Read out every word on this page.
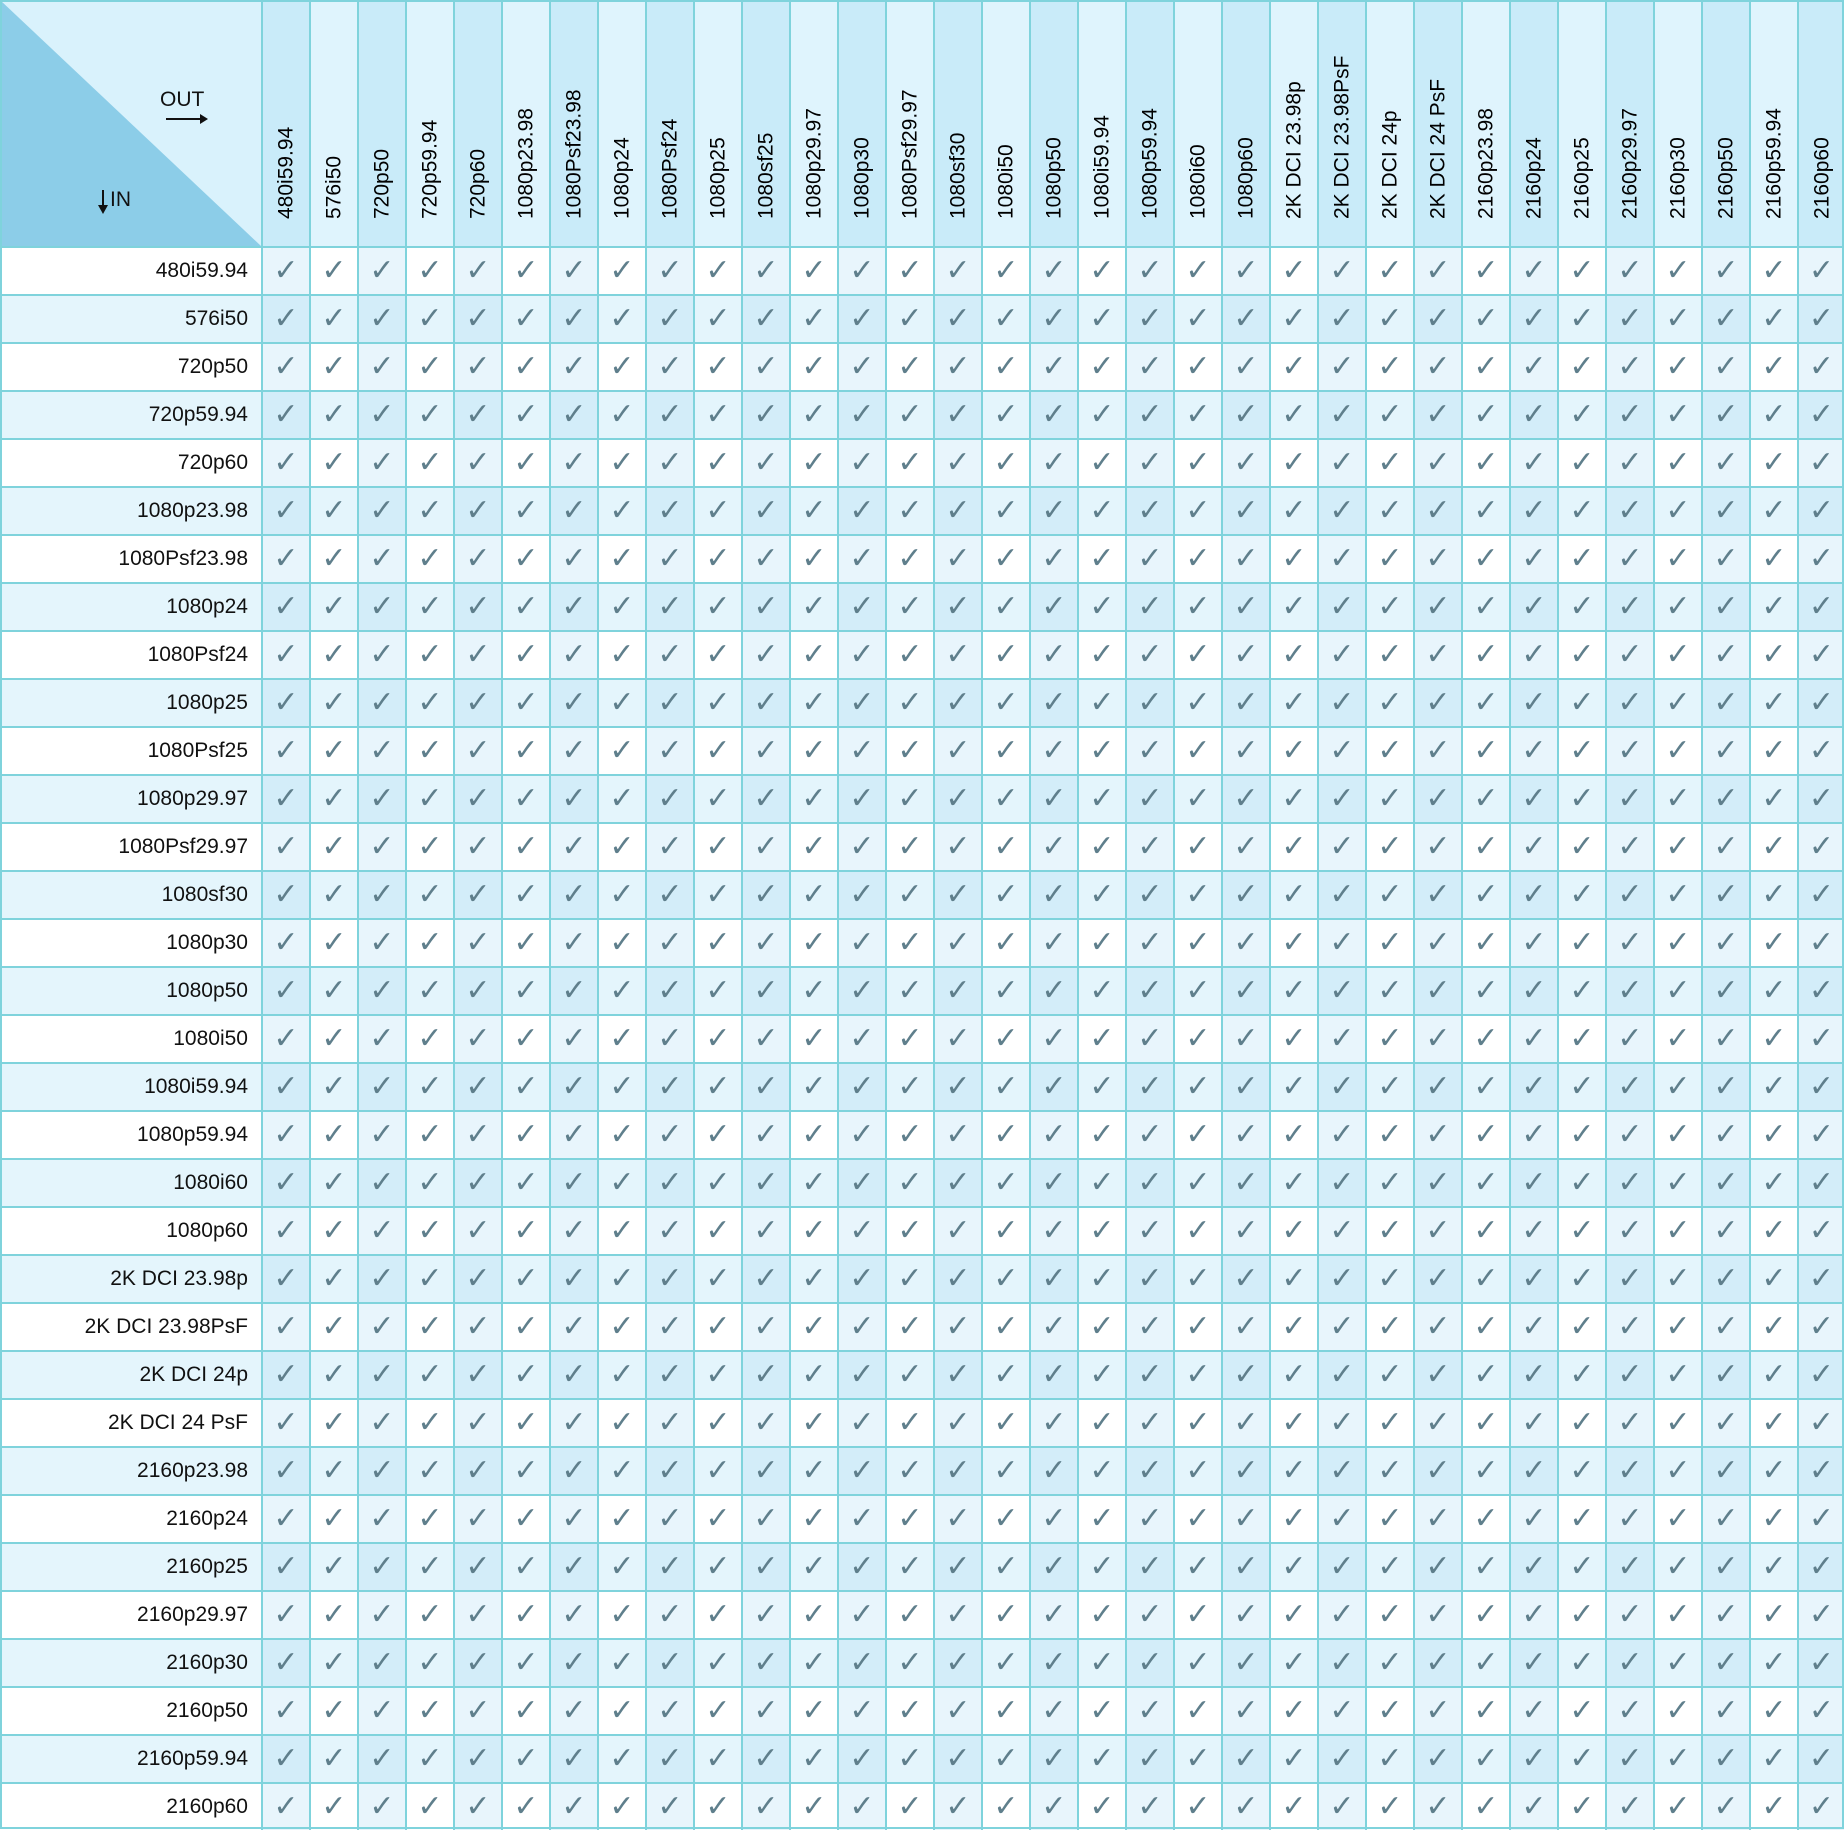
OUT
IN	480i59.94 576i50 720p50 720p59.94 720p60 1080p23.98 1080Psf23.98 1080p24 1080Psf24 1080p25 1080sf25 1080p29.97 1080p30 1080Psf29.97 1080sf30 1080i50 1080p50 1080i59.94 1080p59.94 1080i60 1080p60 2K DCI 23.98p 2K DCI 23.98PsF 2K DCI 24p 2K DCI 24 PsF 2160p23.98 2160p24 2160p25 2160p29.97 2160p30 2160p50 2160p59.94 2160p60
480i59.94 ✓ ✓ ✓ ✓ ✓ ✓ ✓ ✓ ✓ ✓ ✓ ✓ ✓ ✓ ✓ ✓ ✓ ✓ ✓ ✓ ✓ ✓ ✓ ✓ ✓ ✓ ✓ ✓ ✓ ✓ ✓ ✓ ✓
576i50 ✓ ✓ ✓ ✓ ✓ ✓ ✓ ✓ ✓ ✓ ✓ ✓ ✓ ✓ ✓ ✓ ✓ ✓ ✓ ✓ ✓ ✓ ✓ ✓ ✓ ✓ ✓ ✓ ✓ ✓ ✓ ✓ ✓
720p50 ✓ ✓ ✓ ✓ ✓ ✓ ✓ ✓ ✓ ✓ ✓ ✓ ✓ ✓ ✓ ✓ ✓ ✓ ✓ ✓ ✓ ✓ ✓ ✓ ✓ ✓ ✓ ✓ ✓ ✓ ✓ ✓ ✓
720p59.94 ✓ ✓ ✓ ✓ ✓ ✓ ✓ ✓ ✓ ✓ ✓ ✓ ✓ ✓ ✓ ✓ ✓ ✓ ✓ ✓ ✓ ✓ ✓ ✓ ✓ ✓ ✓ ✓ ✓ ✓ ✓ ✓ ✓
720p60 ✓ ✓ ✓ ✓ ✓ ✓ ✓ ✓ ✓ ✓ ✓ ✓ ✓ ✓ ✓ ✓ ✓ ✓ ✓ ✓ ✓ ✓ ✓ ✓ ✓ ✓ ✓ ✓ ✓ ✓ ✓ ✓ ✓
1080p23.98 ✓ ✓ ✓ ✓ ✓ ✓ ✓ ✓ ✓ ✓ ✓ ✓ ✓ ✓ ✓ ✓ ✓ ✓ ✓ ✓ ✓ ✓ ✓ ✓ ✓ ✓ ✓ ✓ ✓ ✓ ✓ ✓ ✓
1080Psf23.98 ✓ ✓ ✓ ✓ ✓ ✓ ✓ ✓ ✓ ✓ ✓ ✓ ✓ ✓ ✓ ✓ ✓ ✓ ✓ ✓ ✓ ✓ ✓ ✓ ✓ ✓ ✓ ✓ ✓ ✓ ✓ ✓ ✓
1080p24 ✓ ✓ ✓ ✓ ✓ ✓ ✓ ✓ ✓ ✓ ✓ ✓ ✓ ✓ ✓ ✓ ✓ ✓ ✓ ✓ ✓ ✓ ✓ ✓ ✓ ✓ ✓ ✓ ✓ ✓ ✓ ✓ ✓
1080Psf24 ✓ ✓ ✓ ✓ ✓ ✓ ✓ ✓ ✓ ✓ ✓ ✓ ✓ ✓ ✓ ✓ ✓ ✓ ✓ ✓ ✓ ✓ ✓ ✓ ✓ ✓ ✓ ✓ ✓ ✓ ✓ ✓ ✓
1080p25 ✓ ✓ ✓ ✓ ✓ ✓ ✓ ✓ ✓ ✓ ✓ ✓ ✓ ✓ ✓ ✓ ✓ ✓ ✓ ✓ ✓ ✓ ✓ ✓ ✓ ✓ ✓ ✓ ✓ ✓ ✓ ✓ ✓
1080Psf25 ✓ ✓ ✓ ✓ ✓ ✓ ✓ ✓ ✓ ✓ ✓ ✓ ✓ ✓ ✓ ✓ ✓ ✓ ✓ ✓ ✓ ✓ ✓ ✓ ✓ ✓ ✓ ✓ ✓ ✓ ✓ ✓ ✓
1080p29.97 ✓ ✓ ✓ ✓ ✓ ✓ ✓ ✓ ✓ ✓ ✓ ✓ ✓ ✓ ✓ ✓ ✓ ✓ ✓ ✓ ✓ ✓ ✓ ✓ ✓ ✓ ✓ ✓ ✓ ✓ ✓ ✓ ✓
1080Psf29.97 ✓ ✓ ✓ ✓ ✓ ✓ ✓ ✓ ✓ ✓ ✓ ✓ ✓ ✓ ✓ ✓ ✓ ✓ ✓ ✓ ✓ ✓ ✓ ✓ ✓ ✓ ✓ ✓ ✓ ✓ ✓ ✓ ✓
1080sf30 ✓ ✓ ✓ ✓ ✓ ✓ ✓ ✓ ✓ ✓ ✓ ✓ ✓ ✓ ✓ ✓ ✓ ✓ ✓ ✓ ✓ ✓ ✓ ✓ ✓ ✓ ✓ ✓ ✓ ✓ ✓ ✓ ✓
1080p30 ✓ ✓ ✓ ✓ ✓ ✓ ✓ ✓ ✓ ✓ ✓ ✓ ✓ ✓ ✓ ✓ ✓ ✓ ✓ ✓ ✓ ✓ ✓ ✓ ✓ ✓ ✓ ✓ ✓ ✓ ✓ ✓ ✓
1080p50 ✓ ✓ ✓ ✓ ✓ ✓ ✓ ✓ ✓ ✓ ✓ ✓ ✓ ✓ ✓ ✓ ✓ ✓ ✓ ✓ ✓ ✓ ✓ ✓ ✓ ✓ ✓ ✓ ✓ ✓ ✓ ✓ ✓
1080i50 ✓ ✓ ✓ ✓ ✓ ✓ ✓ ✓ ✓ ✓ ✓ ✓ ✓ ✓ ✓ ✓ ✓ ✓ ✓ ✓ ✓ ✓ ✓ ✓ ✓ ✓ ✓ ✓ ✓ ✓ ✓ ✓ ✓
1080i59.94 ✓ ✓ ✓ ✓ ✓ ✓ ✓ ✓ ✓ ✓ ✓ ✓ ✓ ✓ ✓ ✓ ✓ ✓ ✓ ✓ ✓ ✓ ✓ ✓ ✓ ✓ ✓ ✓ ✓ ✓ ✓ ✓ ✓
1080p59.94 ✓ ✓ ✓ ✓ ✓ ✓ ✓ ✓ ✓ ✓ ✓ ✓ ✓ ✓ ✓ ✓ ✓ ✓ ✓ ✓ ✓ ✓ ✓ ✓ ✓ ✓ ✓ ✓ ✓ ✓ ✓ ✓ ✓
1080i60 ✓ ✓ ✓ ✓ ✓ ✓ ✓ ✓ ✓ ✓ ✓ ✓ ✓ ✓ ✓ ✓ ✓ ✓ ✓ ✓ ✓ ✓ ✓ ✓ ✓ ✓ ✓ ✓ ✓ ✓ ✓ ✓ ✓
1080p60 ✓ ✓ ✓ ✓ ✓ ✓ ✓ ✓ ✓ ✓ ✓ ✓ ✓ ✓ ✓ ✓ ✓ ✓ ✓ ✓ ✓ ✓ ✓ ✓ ✓ ✓ ✓ ✓ ✓ ✓ ✓ ✓ ✓
2K DCI 23.98p ✓ ✓ ✓ ✓ ✓ ✓ ✓ ✓ ✓ ✓ ✓ ✓ ✓ ✓ ✓ ✓ ✓ ✓ ✓ ✓ ✓ ✓ ✓ ✓ ✓ ✓ ✓ ✓ ✓ ✓ ✓ ✓ ✓
2K DCI 23.98PsF ✓ ✓ ✓ ✓ ✓ ✓ ✓ ✓ ✓ ✓ ✓ ✓ ✓ ✓ ✓ ✓ ✓ ✓ ✓ ✓ ✓ ✓ ✓ ✓ ✓ ✓ ✓ ✓ ✓ ✓ ✓ ✓ ✓
2K DCI 24p ✓ ✓ ✓ ✓ ✓ ✓ ✓ ✓ ✓ ✓ ✓ ✓ ✓ ✓ ✓ ✓ ✓ ✓ ✓ ✓ ✓ ✓ ✓ ✓ ✓ ✓ ✓ ✓ ✓ ✓ ✓ ✓ ✓
2K DCI 24 PsF ✓ ✓ ✓ ✓ ✓ ✓ ✓ ✓ ✓ ✓ ✓ ✓ ✓ ✓ ✓ ✓ ✓ ✓ ✓ ✓ ✓ ✓ ✓ ✓ ✓ ✓ ✓ ✓ ✓ ✓ ✓ ✓ ✓
2160p23.98 ✓ ✓ ✓ ✓ ✓ ✓ ✓ ✓ ✓ ✓ ✓ ✓ ✓ ✓ ✓ ✓ ✓ ✓ ✓ ✓ ✓ ✓ ✓ ✓ ✓ ✓ ✓ ✓ ✓ ✓ ✓ ✓ ✓
2160p24 ✓ ✓ ✓ ✓ ✓ ✓ ✓ ✓ ✓ ✓ ✓ ✓ ✓ ✓ ✓ ✓ ✓ ✓ ✓ ✓ ✓ ✓ ✓ ✓ ✓ ✓ ✓ ✓ ✓ ✓ ✓ ✓ ✓
2160p25 ✓ ✓ ✓ ✓ ✓ ✓ ✓ ✓ ✓ ✓ ✓ ✓ ✓ ✓ ✓ ✓ ✓ ✓ ✓ ✓ ✓ ✓ ✓ ✓ ✓ ✓ ✓ ✓ ✓ ✓ ✓ ✓ ✓
2160p29.97 ✓ ✓ ✓ ✓ ✓ ✓ ✓ ✓ ✓ ✓ ✓ ✓ ✓ ✓ ✓ ✓ ✓ ✓ ✓ ✓ ✓ ✓ ✓ ✓ ✓ ✓ ✓ ✓ ✓ ✓ ✓ ✓ ✓
2160p30 ✓ ✓ ✓ ✓ ✓ ✓ ✓ ✓ ✓ ✓ ✓ ✓ ✓ ✓ ✓ ✓ ✓ ✓ ✓ ✓ ✓ ✓ ✓ ✓ ✓ ✓ ✓ ✓ ✓ ✓ ✓ ✓ ✓
2160p50 ✓ ✓ ✓ ✓ ✓ ✓ ✓ ✓ ✓ ✓ ✓ ✓ ✓ ✓ ✓ ✓ ✓ ✓ ✓ ✓ ✓ ✓ ✓ ✓ ✓ ✓ ✓ ✓ ✓ ✓ ✓ ✓ ✓
2160p59.94 ✓ ✓ ✓ ✓ ✓ ✓ ✓ ✓ ✓ ✓ ✓ ✓ ✓ ✓ ✓ ✓ ✓ ✓ ✓ ✓ ✓ ✓ ✓ ✓ ✓ ✓ ✓ ✓ ✓ ✓ ✓ ✓ ✓
2160p60 ✓ ✓ ✓ ✓ ✓ ✓ ✓ ✓ ✓ ✓ ✓ ✓ ✓ ✓ ✓ ✓ ✓ ✓ ✓ ✓ ✓ ✓ ✓ ✓ ✓ ✓ ✓ ✓ ✓ ✓ ✓ ✓ ✓
